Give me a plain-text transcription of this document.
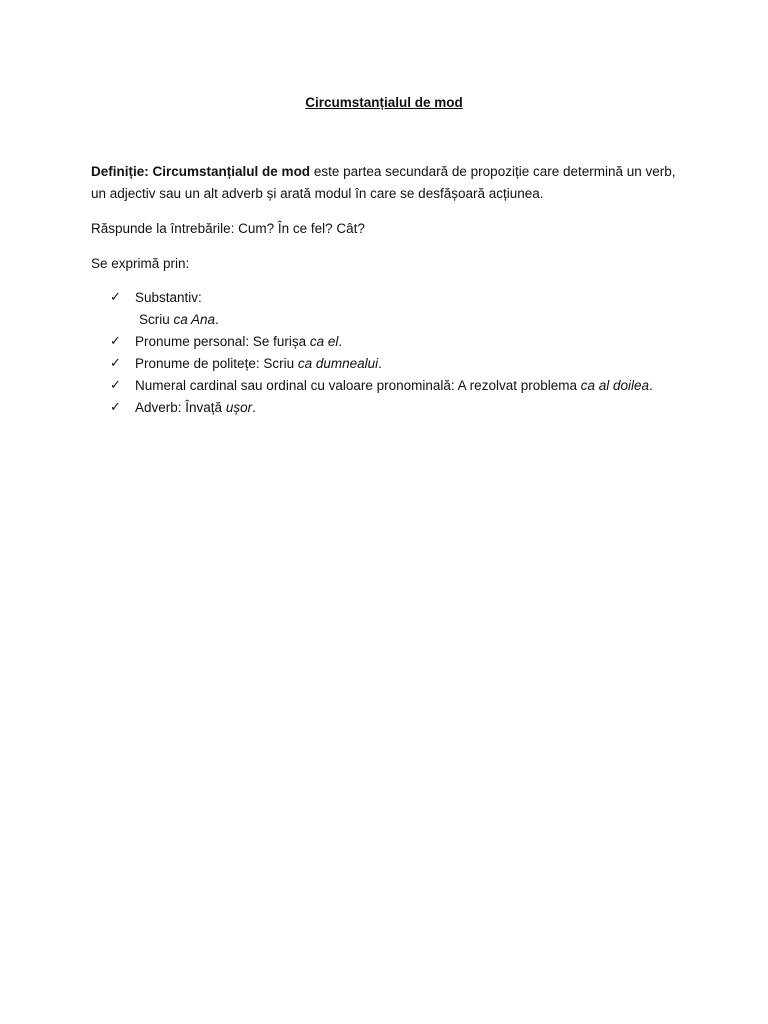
Circumstanțialul de mod

Definiție: Circumstanțialul de mod este partea secundară de propoziție care determină un verb, un adjectiv sau un alt adverb și arată modul în care se desfășoară acțiunea.

Răspunde la întrebările: Cum? În ce fel? Cât?

Se exprimă prin:

✓ Substantiv:
Scriu ca Ana.
✓ Pronume personal: Se furișa ca el.
✓ Pronume de politețe: Scriu ca dumnealui.
✓ Numeral cardinal sau ordinal cu valoare pronominală: A rezolvat problema ca al doilea.
✓ Adverb: Învață ușor.
